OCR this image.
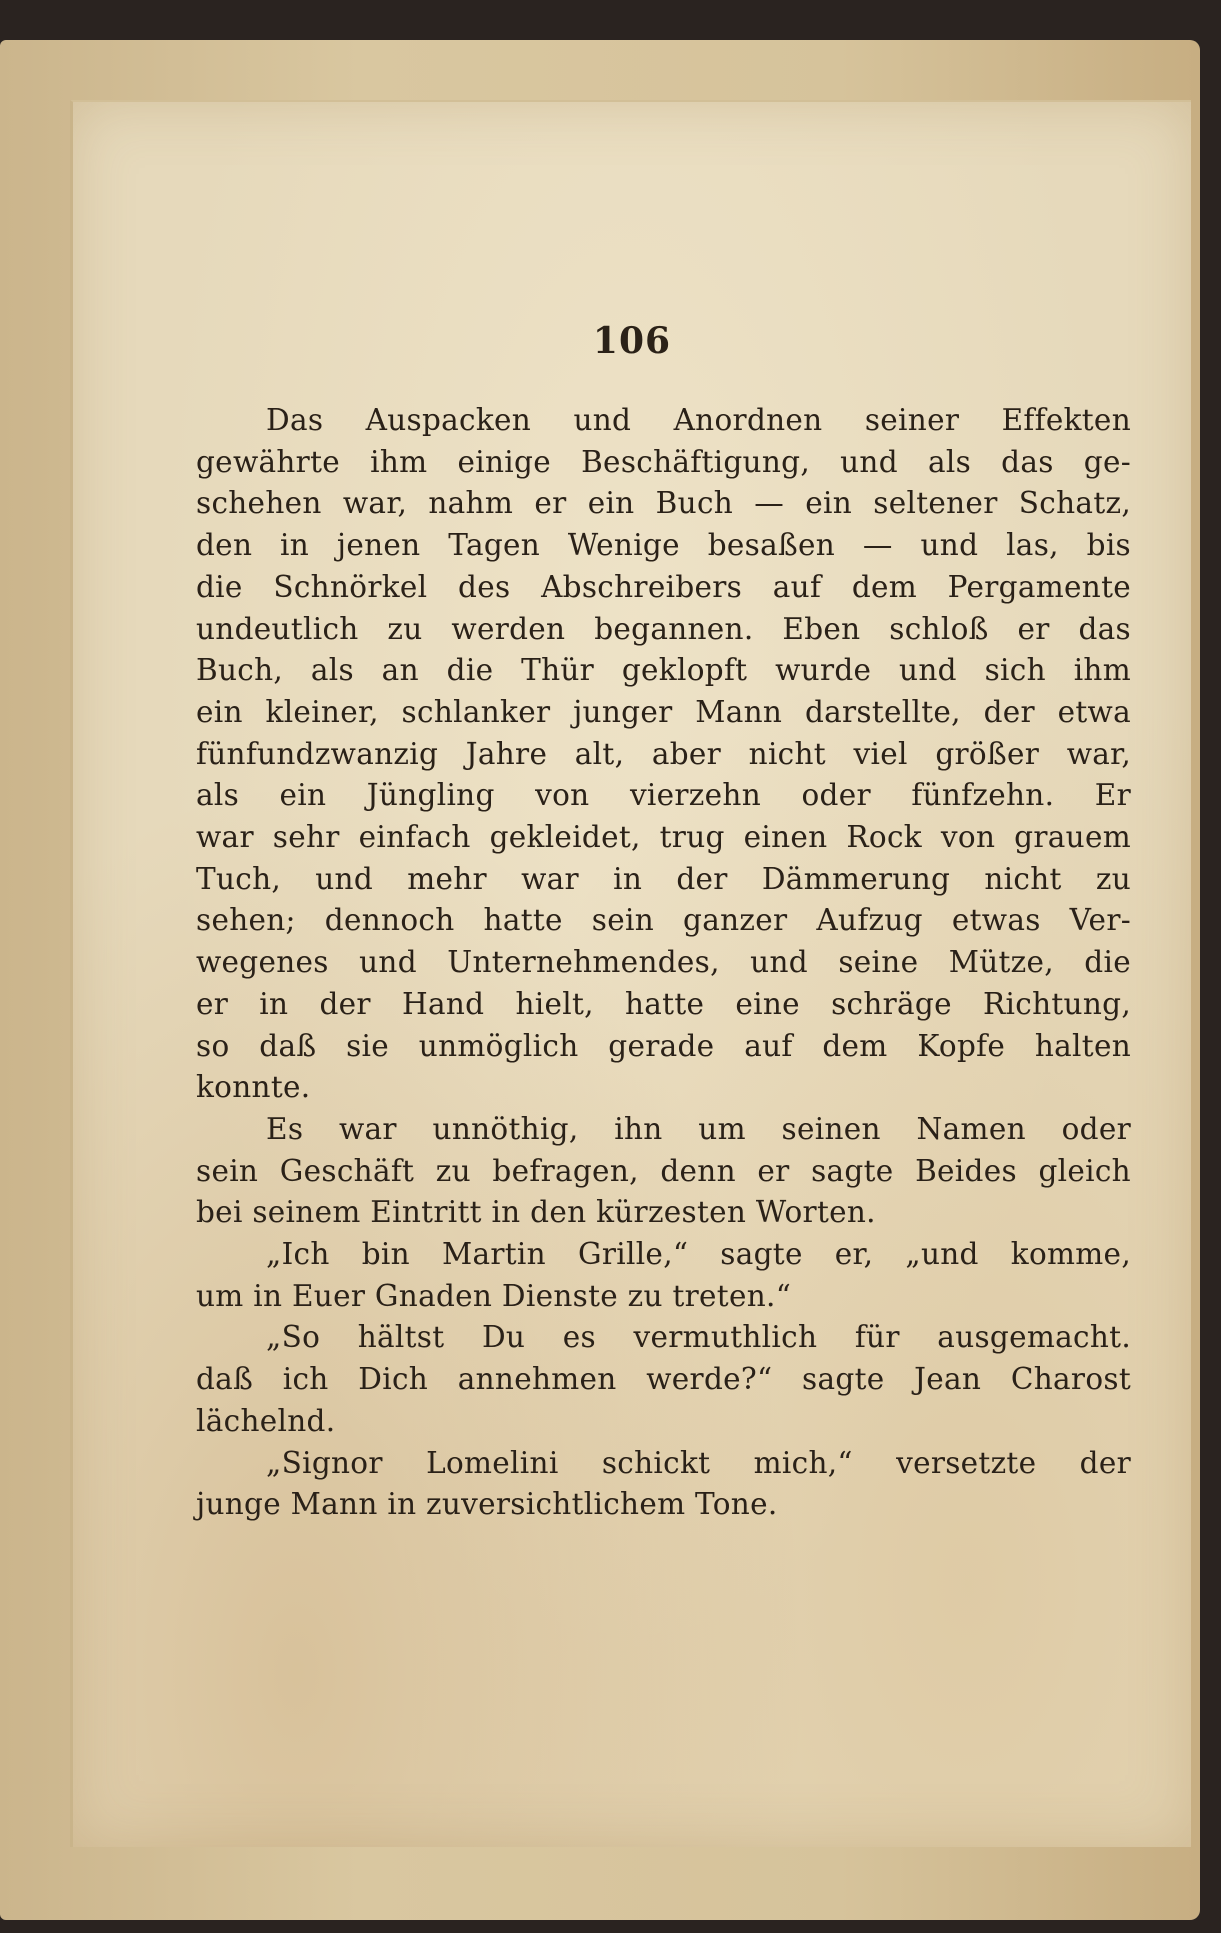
106
Das Auspacken und Anordnen seiner Effekten
gewährte ihm einige Beschäftigung, und als das ge-
schehen war, nahm er ein Buch — ein seltener Schatz,
den in jenen Tagen Wenige besaßen — und las, bis
die Schnörkel des Abschreibers auf dem Pergamente
undeutlich zu werden begannen. Eben schloß er das
Buch, als an die Thür geklopft wurde und sich ihm
ein kleiner, schlanker junger Mann darstellte, der etwa
fünfundzwanzig Jahre alt, aber nicht viel größer war,
als ein Jüngling von vierzehn oder fünfzehn. Er
war sehr einfach gekleidet, trug einen Rock von grauem
Tuch, und mehr war in der Dämmerung nicht zu
sehen; dennoch hatte sein ganzer Aufzug etwas Ver-
wegenes und Unternehmendes, und seine Mütze, die
er in der Hand hielt, hatte eine schräge Richtung,
so daß sie unmöglich gerade auf dem Kopfe halten
konnte.
Es war unnöthig, ihn um seinen Namen oder
sein Geschäft zu befragen, denn er sagte Beides gleich
bei seinem Eintritt in den kürzesten Worten.
„Ich bin Martin Grille,“ sagte er, „und komme,
um in Euer Gnaden Dienste zu treten.“
„So hältst Du es vermuthlich für ausgemacht.
daß ich Dich annehmen werde?“ sagte Jean Charost
lächelnd.
„Signor Lomelini schickt mich,“ versetzte der
junge Mann in zuversichtlichem Tone.
